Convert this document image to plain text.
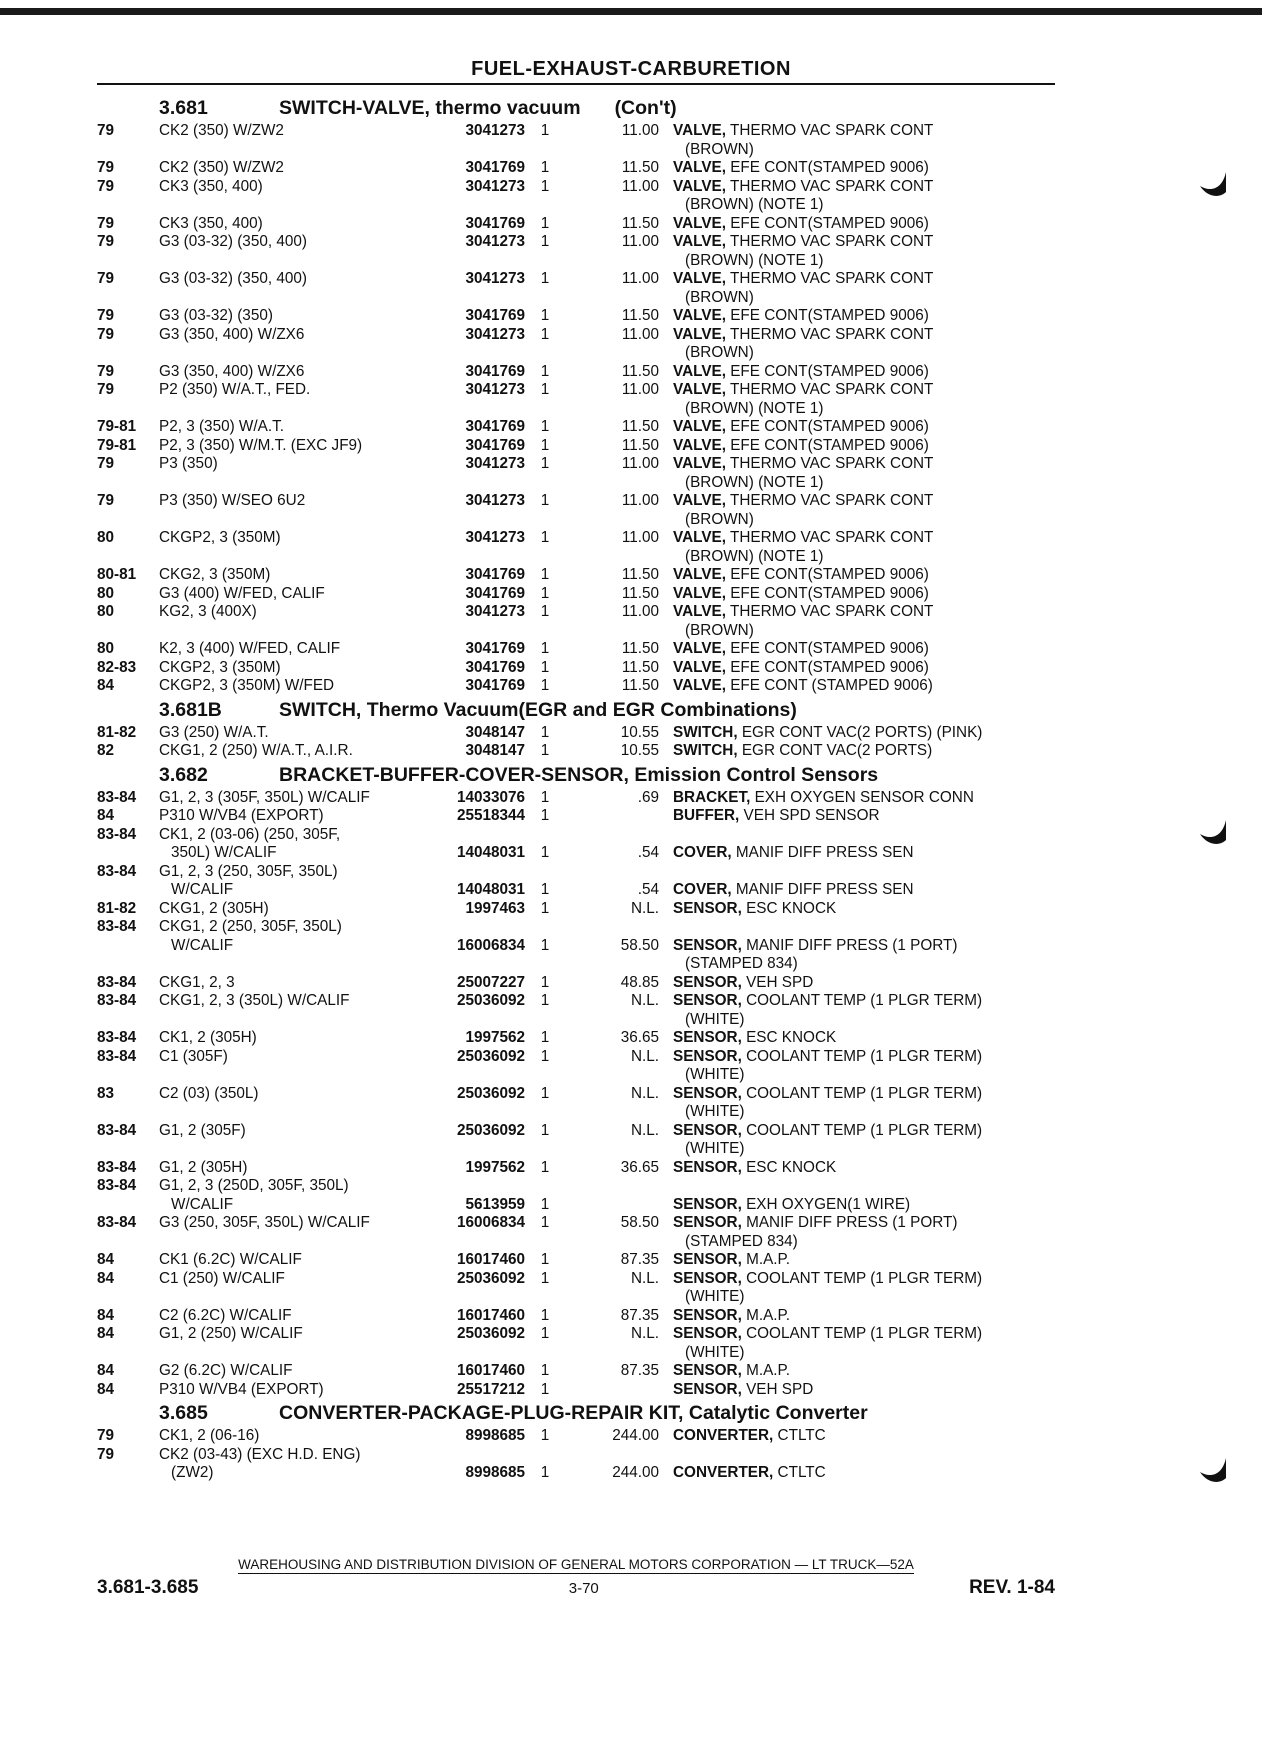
FUEL-EXHAUST-CARBURETION
3.681	SWITCH-VALVE, thermo vacuum (Con't)
79	CK2 (350) W/ZW2	3041273	1	11.00 VALVE, THERMO VAC SPARK CONT
(BROWN)
79	CK2 (350) W/ZW2	3041769	1	11.50 VALVE, EFE CONT(STAMPED 9006)
79	CK3 (350, 400)	3041273	1	11.00 VALVE, THERMO VAC SPARK CONT
(BROWN) (NOTE 1)
79	CK3 (350, 400)	3041769	1	11.50 VALVE, EFE CONT(STAMPED 9006)
79	G3 (03-32) (350, 400)	3041273	1	11.00 VALVE, THERMO VAC SPARK CONT
(BROWN) (NOTE 1)
79	G3 (03-32) (350, 400)	3041273	1	11.00 VALVE, THERMO VAC SPARK CONT
(BROWN)
79	G3 (03-32) (350)	3041769	1	11.50 VALVE, EFE CONT(STAMPED 9006)
79	G3 (350, 400) W/ZX6	3041273	1	11.00 VALVE, THERMO VAC SPARK CONT
(BROWN)
79	G3 (350, 400) W/ZX6	3041769	1	11.50 VALVE, EFE CONT(STAMPED 9006)
79	P2 (350) W/A.T., FED.	3041273	1	11.00 VALVE, THERMO VAC SPARK CONT
(BROWN) (NOTE 1)
79-81	P2, 3 (350) W/A.T.	3041769	1	11.50 VALVE, EFE CONT(STAMPED 9006)
79-81	P2, 3 (350) W/M.T. (EXC JF9)	3041769	1	11.50 VALVE, EFE CONT(STAMPED 9006)
79	P3 (350)	3041273	1	11.00 VALVE, THERMO VAC SPARK CONT
(BROWN) (NOTE 1)
79	P3 (350) W/SEO 6U2	3041273	1	11.00 VALVE, THERMO VAC SPARK CONT
(BROWN)
80	CKGP2, 3 (350M)	3041273	1	11.00 VALVE, THERMO VAC SPARK CONT
(BROWN) (NOTE 1)
80-81	CKG2, 3 (350M)	3041769	1	11.50 VALVE, EFE CONT(STAMPED 9006)
80	G3 (400) W/FED, CALIF	3041769	1	11.50 VALVE, EFE CONT(STAMPED 9006)
80	KG2, 3 (400X)	3041273	1	11.00 VALVE, THERMO VAC SPARK CONT
(BROWN)
80	K2, 3 (400) W/FED, CALIF	3041769	1	11.50 VALVE, EFE CONT(STAMPED 9006)
82-83	CKGP2, 3 (350M)	3041769	1	11.50 VALVE, EFE CONT(STAMPED 9006)
84	CKGP2, 3 (350M) W/FED	3041769	1	11.50 VALVE, EFE CONT (STAMPED 9006)
3.681B	SWITCH, Thermo Vacuum(EGR and EGR Combinations)
81-82	G3 (250) W/A.T.	3048147	1	10.55 SWITCH, EGR CONT VAC(2 PORTS) (PINK)
82	CKG1, 2 (250) W/A.T., A.I.R.	3048147	1	10.55 SWITCH, EGR CONT VAC(2 PORTS)
3.682	BRACKET-BUFFER-COVER-SENSOR, Emission Control Sensors
83-84	G1, 2, 3 (305F, 350L) W/CALIF	14033076	1	.69 BRACKET, EXH OXYGEN SENSOR CONN
84	P310 W/VB4 (EXPORT)	25518344	1	BUFFER, VEH SPD SENSOR
83-84	CK1, 2 (03-06) (250, 305F,
350L) W/CALIF	14048031	1	.54 COVER, MANIF DIFF PRESS SEN
83-84	G1, 2, 3 (250, 305F, 350L)
W/CALIF	14048031	1	.54 COVER, MANIF DIFF PRESS SEN
81-82	CKG1, 2 (305H)	1997463	1	N.L. SENSOR, ESC KNOCK
83-84	CKG1, 2 (250, 305F, 350L)
W/CALIF	16006834	1	58.50 SENSOR, MANIF DIFF PRESS (1 PORT)
(STAMPED 834)
83-84	CKG1, 2, 3	25007227	1	48.85 SENSOR, VEH SPD
83-84	CKG1, 2, 3 (350L) W/CALIF	25036092	1	N.L. SENSOR, COOLANT TEMP (1 PLGR TERM)
(WHITE)
83-84	CK1, 2 (305H)	1997562	1	36.65 SENSOR, ESC KNOCK
83-84	C1 (305F)	25036092	1	N.L. SENSOR, COOLANT TEMP (1 PLGR TERM)
(WHITE)
83	C2 (03) (350L)	25036092	1	N.L. SENSOR, COOLANT TEMP (1 PLGR TERM)
(WHITE)
83-84	G1, 2 (305F)	25036092	1	N.L. SENSOR, COOLANT TEMP (1 PLGR TERM)
(WHITE)
83-84	G1, 2 (305H)	1997562	1	36.65 SENSOR, ESC KNOCK
83-84	G1, 2, 3 (250D, 305F, 350L)
W/CALIF	5613959	1	SENSOR, EXH OXYGEN(1 WIRE)
83-84	G3 (250, 305F, 350L) W/CALIF	16006834	1	58.50 SENSOR, MANIF DIFF PRESS (1 PORT)
(STAMPED 834)
84	CK1 (6.2C) W/CALIF	16017460	1	87.35 SENSOR, M.A.P.
84	C1 (250) W/CALIF	25036092	1	N.L. SENSOR, COOLANT TEMP (1 PLGR TERM)
(WHITE)
84	C2 (6.2C) W/CALIF	16017460	1	87.35 SENSOR, M.A.P.
84	G1, 2 (250) W/CALIF	25036092	1	N.L. SENSOR, COOLANT TEMP (1 PLGR TERM)
(WHITE)
84	G2 (6.2C) W/CALIF	16017460	1	87.35 SENSOR, M.A.P.
84	P310 W/VB4 (EXPORT)	25517212	1	SENSOR, VEH SPD
3.685	CONVERTER-PACKAGE-PLUG-REPAIR KIT, Catalytic Converter
79	CK1, 2 (06-16)	8998685	1	244.00 CONVERTER, CTLTC
79	CK2 (03-43) (EXC H.D. ENG)
(ZW2)	8998685	1	244.00 CONVERTER, CTLTC
WAREHOUSING AND DISTRIBUTION DIVISION OF GENERAL MOTORS CORPORATION — LT TRUCK—52A
3.681-3.685	3-70	REV. 1-84
